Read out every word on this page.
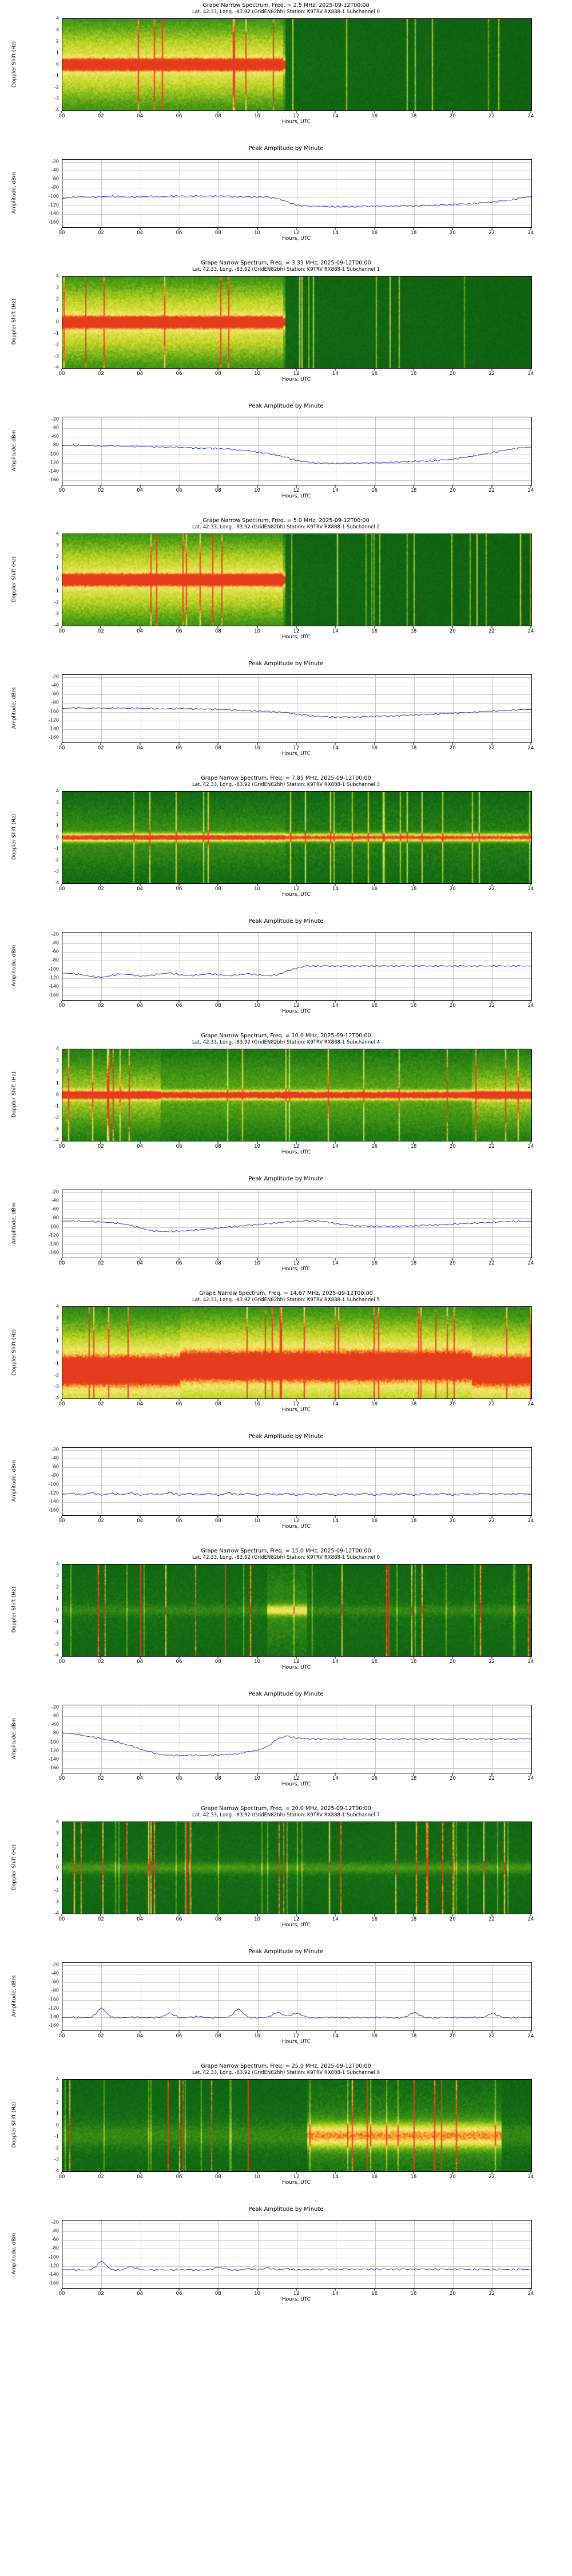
Grape Narrow Spectrum, Freq. = 2.5 MHz, 2025-09-12T00:00
Lat. 42.33, Long. -83.92 (GridEN82bh) Station: K9TRV RX888-1 Subchannel 0
Doppler Shift (Hz)
4
3
2
1
0
-1
-2
-3
-4
00	02	04	06	08	10	12	14	16	18	20	22	24
Hours, UTC
Peak Amplitude by Minute
Amplitude, dBm
-20
-40
-60
-80
-100
-120
-140
-160
00	02	04	06	08	10	12	14	16	18	20	22	24
Hours, UTC
Grape Narrow Spectrum, Freq. = 3.33 MHz, 2025-09-12T00:00
Lat. 42.33, Long. -83.92 (GridEN82bh) Station: K9TRV RX888-1 Subchannel 1
Doppler Shift (Hz)
4
3
2
1
0
-1
-2
-3
-4
00	02	04	06	08	10	12	14	16	18	20	22	24
Hours, UTC
Peak Amplitude by Minute
Amplitude, dBm
-20
-40
-60
-80
-100
-120
-140
-160
00	02	04	06	08	10	12	14	16	18	20	22	24
Hours, UTC
Grape Narrow Spectrum, Freq. = 5.0 MHz, 2025-09-12T00:00
Lat. 42.33, Long. -83.92 (GridEN82bh) Station: K9TRV RX888-1 Subchannel 2
Doppler Shift (Hz)
4
3
2
1
0
-1
-2
-3
-4
00	02	04	06	08	10	12	14	16	18	20	22	24
Hours, UTC
Peak Amplitude by Minute
Amplitude, dBm
-20
-40
-60
-80
-100
-120
-140
-160
00	02	04	06	08	10	12	14	16	18	20	22	24
Hours, UTC
Grape Narrow Spectrum, Freq. = 7.85 MHz, 2025-09-12T00:00
Lat. 42.33, Long. -83.92 (GridEN82bh) Station: K9TRV RX888-1 Subchannel 3
Doppler Shift (Hz)
4
3
2
1
0
-1
-2
-3
-4
00	02	04	06	08	10	12	14	16	18	20	22	24
Hours, UTC
Peak Amplitude by Minute
Amplitude, dBm
-20
-40
-60
-80
-100
-120
-140
-160
00	02	04	06	08	10	12	14	16	18	20	22	24
Hours, UTC
Grape Narrow Spectrum, Freq. = 10.0 MHz, 2025-09-12T00:00
Lat. 42.33, Long. -83.92 (GridEN82bh) Station: K9TRV RX888-1 Subchannel 4
Doppler Shift (Hz)
4
3
2
1
0
-1
-2
-3
-4
00	02	04	06	08	10	12	14	16	18	20	22	24
Hours, UTC
Peak Amplitude by Minute
Amplitude, dBm
-20
-40
-60
-80
-100
-120
-140
-160
00	02	04	06	08	10	12	14	16	18	20	22	24
Hours, UTC
Grape Narrow Spectrum, Freq. = 14.67 MHz, 2025-09-12T00:00
Lat. 42.33, Long. -83.92 (GridEN82bh) Station: K9TRV RX888-1 Subchannel 5
Doppler Shift (Hz)
4
3
2
1
0
-1
-2
-3
-4
00	02	04	06	08	10	12	14	16	18	20	22	24
Hours, UTC
Peak Amplitude by Minute
Amplitude, dBm
-20
-40
-60
-80
-100
-120
-140
-160
00	02	04	06	08	10	12	14	16	18	20	22	24
Hours, UTC
Grape Narrow Spectrum, Freq. = 15.0 MHz, 2025-09-12T00:00
Lat. 42.33, Long. -83.92 (GridEN82bh) Station: K9TRV RX888-1 Subchannel 6
Doppler Shift (Hz)
4
3
2
1
0
-1
-2
-3
-4
00	02	04	06	08	10	12	14	16	18	20	22	24
Hours, UTC
Peak Amplitude by Minute
Amplitude, dBm
-20
-40
-60
-80
-100
-120
-140
-160
00	02	04	06	08	10	12	14	16	18	20	22	24
Hours, UTC
Grape Narrow Spectrum, Freq. = 20.0 MHz, 2025-09-12T00:00
Lat. 42.33, Long. -83.92 (GridEN82bh) Station: K9TRV RX888-1 Subchannel 7
Doppler Shift (Hz)
4
3
2
1
0
-1
-2
-3
-4
00	02	04	06	08	10	12	14	16	18	20	22	24
Hours, UTC
Peak Amplitude by Minute
Amplitude, dBm
-20
-40
-60
-80
-100
-120
-140
-160
00	02	04	06	08	10	12	14	16	18	20	22	24
Hours, UTC
Grape Narrow Spectrum, Freq. = 25.0 MHz, 2025-09-12T00:00
Lat. 42.33, Long. -83.92 (GridEN82bh) Station: K9TRV RX888-1 Subchannel 8
Doppler Shift (Hz)
4
3
2
1
0
-1
-2
-3
-4
00	02	04	06	08	10	12	14	16	18	20	22	24
Hours, UTC
Peak Amplitude by Minute
Amplitude, dBm
-20
-40
-60
-80
-100
-120
-140
-160
00	02	04	06	08	10	12	14	16	18	20	22	24
Hours, UTC
